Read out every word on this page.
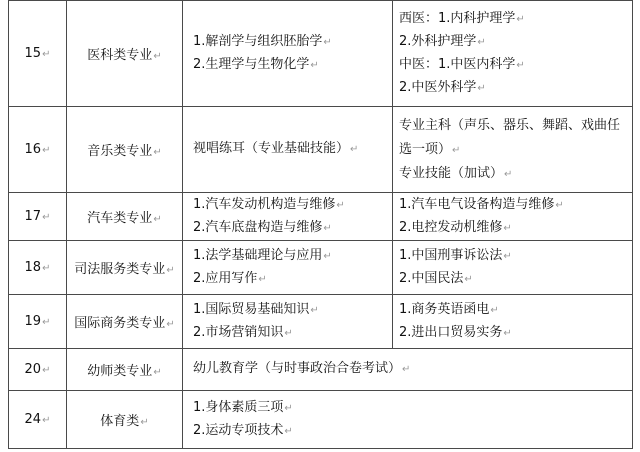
15↵	医科类专业↵	1.解剖学与组织胚胎学↵
2.生理学与生物化学↵	西医：1.内科护理学↵
2.外科护理学↵
中医：1.中医内科学↵
2.中医外科学↵

16↵	音乐类专业↵	视唱练耳（专业基础技能）↵	专业主科（声乐、器乐、舞蹈、戏曲任选一项）↵
专业技能（加试）↵

17↵	汽车类专业↵	1.汽车发动机构造与维修↵
2.汽车底盘构造与维修↵	1.汽车电气设备构造与维修↵
2.电控发动机维修↵

18↵	司法服务类专业↵	1.法学基础理论与应用↵
2.应用写作↵	1.中国刑事诉讼法↵
2.中国民法↵

19↵	国际商务类专业↵	1.国际贸易基础知识↵
2.市场营销知识↵	1.商务英语函电↵
2.进出口贸易实务↵

20↵	幼师类专业↵	幼儿教育学（与时事政治合卷考试）↵	

24↵	体育类↵	1.身体素质三项↵
2.运动专项技术↵	
